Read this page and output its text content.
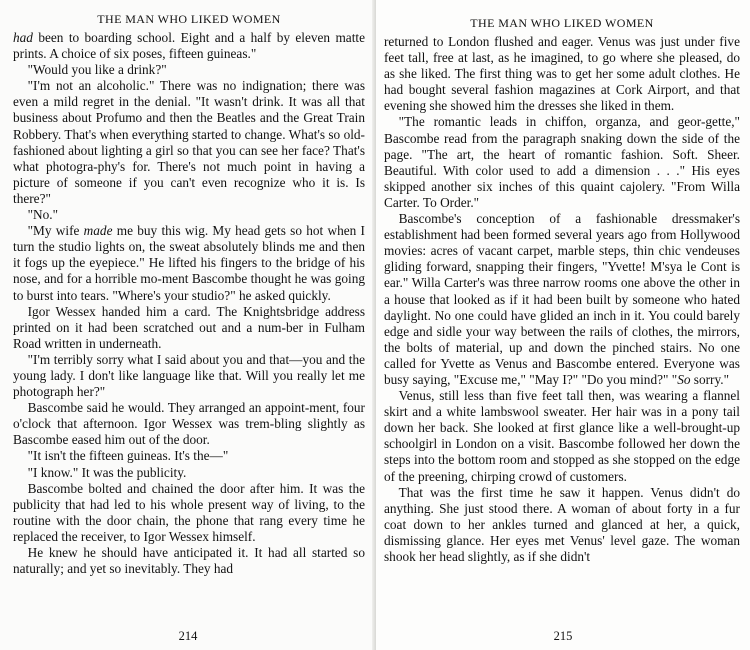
THE MAN WHO LIKED WOMEN

had been to boarding school. Eight and a half by eleven matte prints. A choice of six poses, fifteen guineas."

"Would you like a drink?"

"I'm not an alcoholic." There was no indignation; there was even a mild regret in the denial. "It wasn't drink. It was all that business about Profumo and then the Beatles and the Great Train Robbery. That's when everything started to change. What's so old-fashioned about lighting a girl so that you can see her face? That's what photogra-phy's for. There's not much point in having a picture of someone if you can't even recognize who it is. Is there?"

"No."

"My wife made me buy this wig. My head gets so hot when I turn the studio lights on, the sweat absolutely blinds me and then it fogs up the eyepiece." He lifted his fingers to the bridge of his nose, and for a horrible mo-ment Bascombe thought he was going to burst into tears. "Where's your studio?" he asked quickly.

Igor Wessex handed him a card. The Knightsbridge address printed on it had been scratched out and a num-ber in Fulham Road written in underneath.

"I'm terribly sorry what I said about you and that—you and the young lady. I don't like language like that. Will you really let me photograph her?"

Bascombe said he would. They arranged an appoint-ment, four o'clock that afternoon. Igor Wessex was trem-bling slightly as Bascombe eased him out of the door.

"It isn't the fifteen guineas. It's the—"

"I know." It was the publicity.

Bascombe bolted and chained the door after him. It was the publicity that had led to his whole present way of living, to the routine with the door chain, the phone that rang every time he replaced the receiver, to Igor Wessex himself.

He knew he should have anticipated it. It had all started so naturally; and yet so inevitably. They had

214
THE MAN WHO LIKED WOMEN

returned to London flushed and eager. Venus was just under five feet tall, free at last, as he imagined, to go where she pleased, do as she liked. The first thing was to get her some adult clothes. He had bought several fashion magazines at Cork Airport, and that evening she showed him the dresses she liked in them.

"The romantic leads in chiffon, organza, and geor-gette," Bascombe read from the paragraph snaking down the side of the page. "The art, the heart of romantic fashion. Soft. Sheer. Beautiful. With color used to add a dimension . . ." His eyes skipped another six inches of this quaint cajolery. "From Willa Carter. To Order."

Bascombe's conception of a fashionable dressmaker's establishment had been formed several years ago from Hollywood movies: acres of vacant carpet, marble steps, thin chic vendeuses gliding forward, snapping their fingers, "Yvette! M'sya le Cont is ear." Willa Carter's was three narrow rooms one above the other in a house that looked as if it had been built by someone who hated daylight. No one could have glided an inch in it. You could barely edge and sidle your way between the rails of clothes, the mirrors, the bolts of material, up and down the pinched stairs. No one called for Yvette as Venus and Bascombe entered. Everyone was busy saying, "Excuse me," "May I?" "Do you mind?" "So sorry."

Venus, still less than five feet tall then, was wearing a flannel skirt and a white lambswool sweater. Her hair was in a pony tail down her back. She looked at first glance like a well-brought-up schoolgirl in London on a visit. Bascombe followed her down the steps into the bottom room and stopped as she stopped on the edge of the preening, chirping crowd of customers.

That was the first time he saw it happen. Venus didn't do anything. She just stood there. A woman of about forty in a fur coat down to her ankles turned and glanced at her, a quick, dismissing glance. Her eyes met Venus' level gaze. The woman shook her head slightly, as if she didn't

215
